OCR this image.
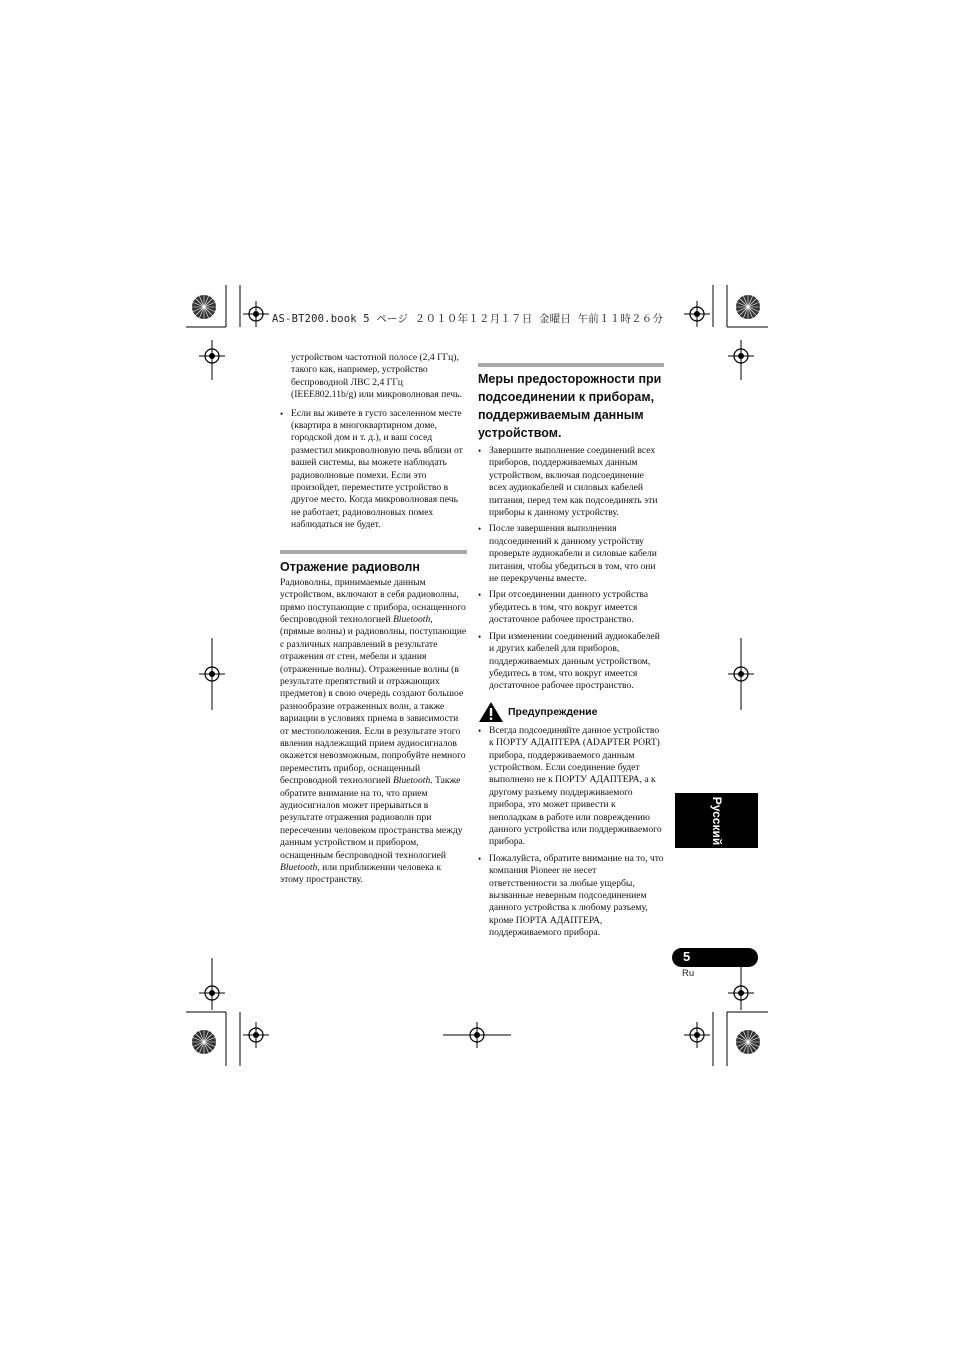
AS-BT200.book 5 ページ ２０１０年１２月１７日 金曜日 午前１１時２６分

устройством частотной полосе (2,4 ГГц), такого как, например, устройство беспроводной ЛВС 2,4 ГГц (IEEE802.11b/g) или микроволновая печь.

• Если вы живете в густо заселенном месте (квартира в многоквартирном доме, городской дом и т. д.), и ваш сосед разместил микроволновую печь вблизи от вашей системы, вы можете наблюдать радиоволновые помехи. Если это произойдет, переместите устройство в другое место. Когда микроволновая печь не работает, радиоволновых помех наблюдаться не будет.
Отражение радиоволн

Радиоволны, принимаемые данным устройством, включают в себя радиоволны, прямо поступающие с прибора, оснащенного беспроводной технологией Bluetooth, (прямые волны) и радиоволны, поступающие с различных направлений в результате отражения от стен, мебели и здания (отраженные волны). Отраженные волны (в результате препятствий и отражающих предметов) в свою очередь создают большое разнообразие отраженных волн, а также вариации в условиях приема в зависимости от местоположения. Если в результате этого явления надлежащий прием аудиосигналов окажется невозможным, попробуйте немного переместить прибор, оснащенный беспроводной технологией Bluetooth. Также обратите внимание на то, что прием аудиосигналов может прерываться в результате отражения радиоволн при пересечении человеком пространства между данным устройством и прибором, оснащенным беспроводной технологией Bluetooth, или приближении человека к этому пространству.

Меры предосторожности при подсоединении к приборам, поддерживаемым данным устройством.
• Завершите выполнение соединений всех приборов, поддерживаемых данным устройством, включая подсоединение всех аудиокабелей и силовых кабелей питания, перед тем как подсоединять эти приборы к данному устройству.
• После завершения выполнения подсоединений к данному устройству проверьте аудиокабели и силовые кабели питания, чтобы убедиться в том, что они не перекручены вместе.
• При отсоединении данного устройства убедитесь в том, что вокруг имеется достаточное рабочее пространство.
• При изменении соединений аудиокабелей и других кабелей для приборов, поддерживаемых данным устройством, убедитесь в том, что вокруг имеется достаточное рабочее пространство.
Предупреждение
• Всегда подсоединяйте данное устройство к ПОРТУ АДАПТЕРА (ADAPTER PORT) прибора, поддерживаемого данным устройством. Если соединение будет выполнено не к ПОРТУ АДАПТЕРА, а к другому разъему поддерживаемого прибора, это может привести к неполадкам в работе или повреждению данного устройства или поддерживаемого прибора.
• Пожалуйста, обратите внимание на то, что компания Pioneer не несет ответственности за любые ущербы, вызванные неверным подсоединением данного устройства к любому разъему, кроме ПОРТА АДАПТЕРА, поддерживаемого прибора.
Русский
5
Ru
